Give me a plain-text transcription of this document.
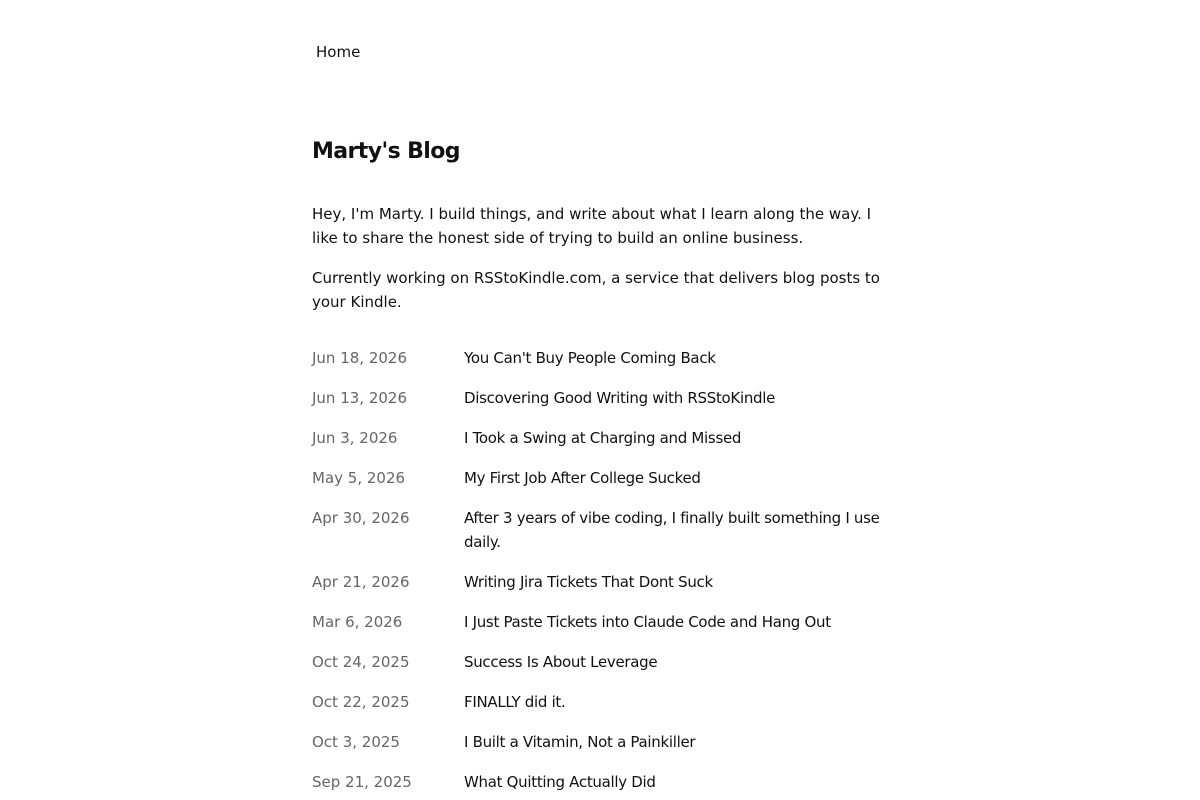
Home
Marty's Blog

Hey, I'm Marty. I build things, and write about what I learn along the way. I like to share the honest side of trying to build an online business.

Currently working on RSStoKindle.com, a service that delivers blog posts to your Kindle.

Jun 18, 2026	You Can't Buy People Coming Back
Jun 13, 2026	Discovering Good Writing with RSStoKindle
Jun 3, 2026	I Took a Swing at Charging and Missed
May 5, 2026	My First Job After College Sucked
Apr 30, 2026	After 3 years of vibe coding, I finally built something I use daily.
Apr 21, 2026	Writing Jira Tickets That Dont Suck
Mar 6, 2026	I Just Paste Tickets into Claude Code and Hang Out
Oct 24, 2025	Success Is About Leverage
Oct 22, 2025	FINALLY did it.
Oct 3, 2025	I Built a Vitamin, Not a Painkiller
Sep 21, 2025	What Quitting Actually Did
